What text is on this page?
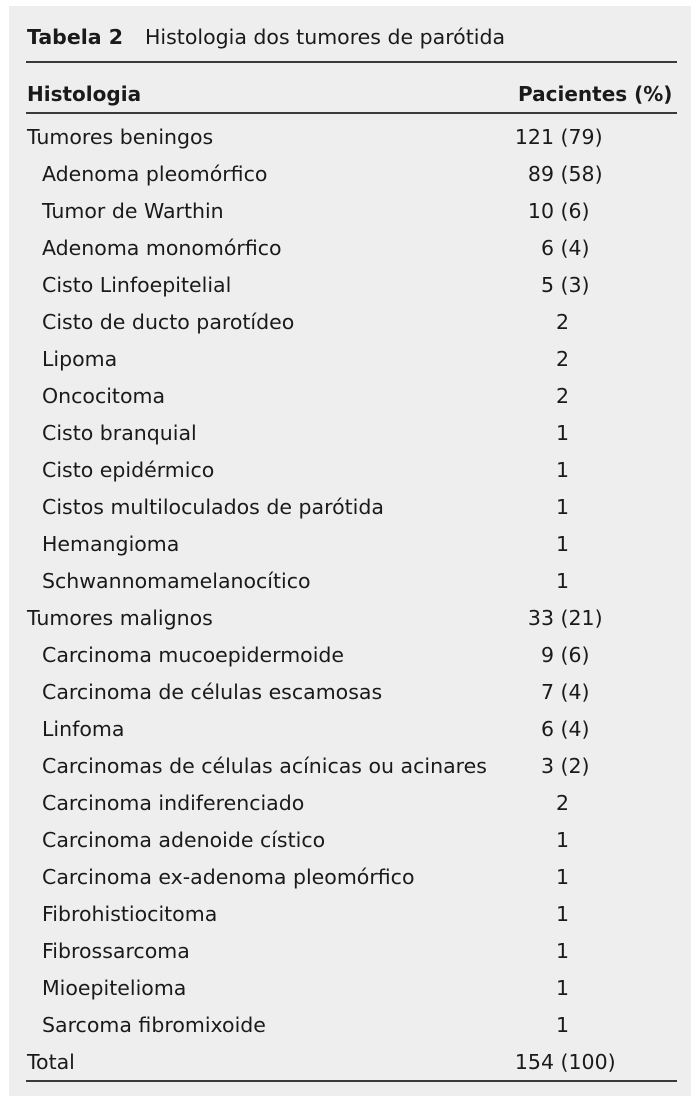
Tabela 2 Histologia dos tumores de parótida
Histologia	Pacientes (%)
Tumores beningos	121 (79)
Adenoma pleomórfico	89 (58)
Tumor de Warthin	10 (6)
Adenoma monomórfico	6 (4)
Cisto Linfoepitelial	5 (3)
Cisto de ducto parotídeo	2
Lipoma	2
Oncocitoma	2
Cisto branquial	1
Cisto epidérmico	1
Cistos multiloculados de parótida	1
Hemangioma	1
Schwannomamelanocítico	1
Tumores malignos	33 (21)
Carcinoma mucoepidermoide	9 (6)
Carcinoma de células escamosas	7 (4)
Linfoma	6 (4)
Carcinomas de células acínicas ou acinares	3 (2)
Carcinoma indiferenciado	2
Carcinoma adenoide cístico	1
Carcinoma ex-adenoma pleomórfico	1
Fibrohistiocitoma	1
Fibrossarcoma	1
Mioepitelioma	1
Sarcoma fibromixoide	1
Total	154 (100)
